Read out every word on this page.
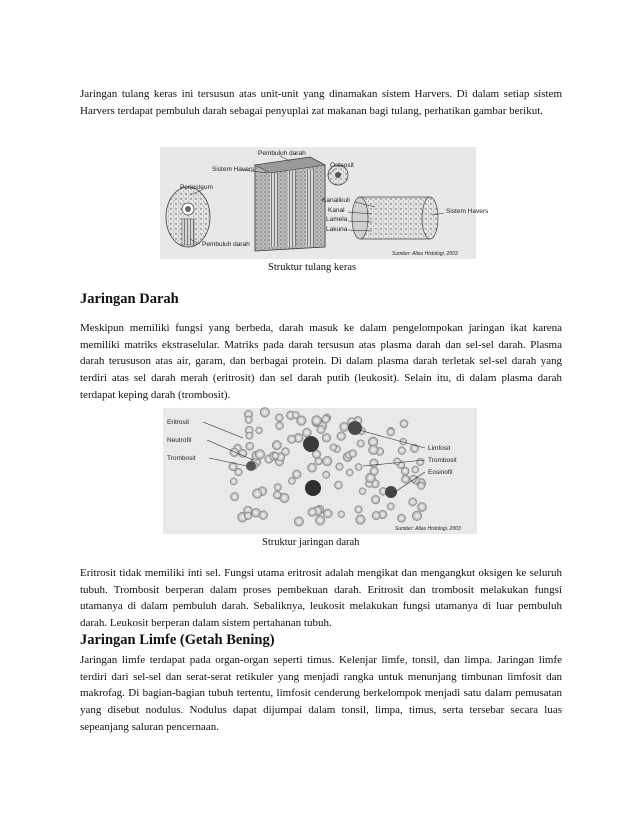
Jaringan tulang keras ini tersusun atas unit-unit yang dinamakan sistem Harvers. Di dalam setiap sistem Harvers terdapat pembuluh darah sebagai penyuplai zat makanan bagi tulang, perhatikan gambar berikut.

Pembuluh darah
Sistem Havers
Osteosit
Periosteum
Kanalikuli
Kanal
Lamela
Lakuna
Sistem Havers
Pembuluh darah
Sumber: Atlas Histologi, 2003

Struktur tulang keras

Jaringan Darah

Meskipun memiliki fungsi yang berbeda, darah masuk ke dalam pengelompokan jaringan ikat karena memiliki matriks ekstraselular. Matriks pada darah tersusun atas plasma darah dan sel-sel darah. Plasma darah terususon atas air, garam, dan berbagai protein. Di dalam plasma darah terletak sel-sel darah yang terdiri atas sel darah merah (eritrosit) dan sel darah putih (leukosit). Selain itu, di dalam plasma darah terdapat keping darah (trombosit).

Eritrosit
Neutrofil
Trombosit
Limfosit
Trombosit
Eosinofil
Sumber: Atlas Histologi, 2003

Struktur jaringan darah

Eritrosit tidak memiliki inti sel. Fungsi utama eritrosit adalah mengikat dan mengangkut oksigen ke seluruh tubuh. Trombosit berperan dalam proses pembekuan darah. Eritrosit dan trombosit melakukan fungsi utamanya di dalam pembuluh darah. Sebaliknya, leukosit melakukan fungsi utamanya di luar pembuluh darah. Leukosit berperan dalam sistem pertahanan tubuh.

Jaringan Limfe (Getah Bening)

Jaringan limfe terdapat pada organ-organ seperti timus. Kelenjar limfe, tonsil, dan limpa. Jaringan limfe terdiri dari sel-sel dan serat-serat retikuler yang menjadi rangka untuk menunjang timbunan limfosit dan makrofag. Di bagian-bagian tubuh tertentu, limfosit cenderung berkelompok menjadi satu dalam pemusatan yang disebut nodulus. Nodulus dapat dijumpai dalam tonsil, limpa, timus, serta tersebar secara luas sepeanjang saluran pencernaan.
